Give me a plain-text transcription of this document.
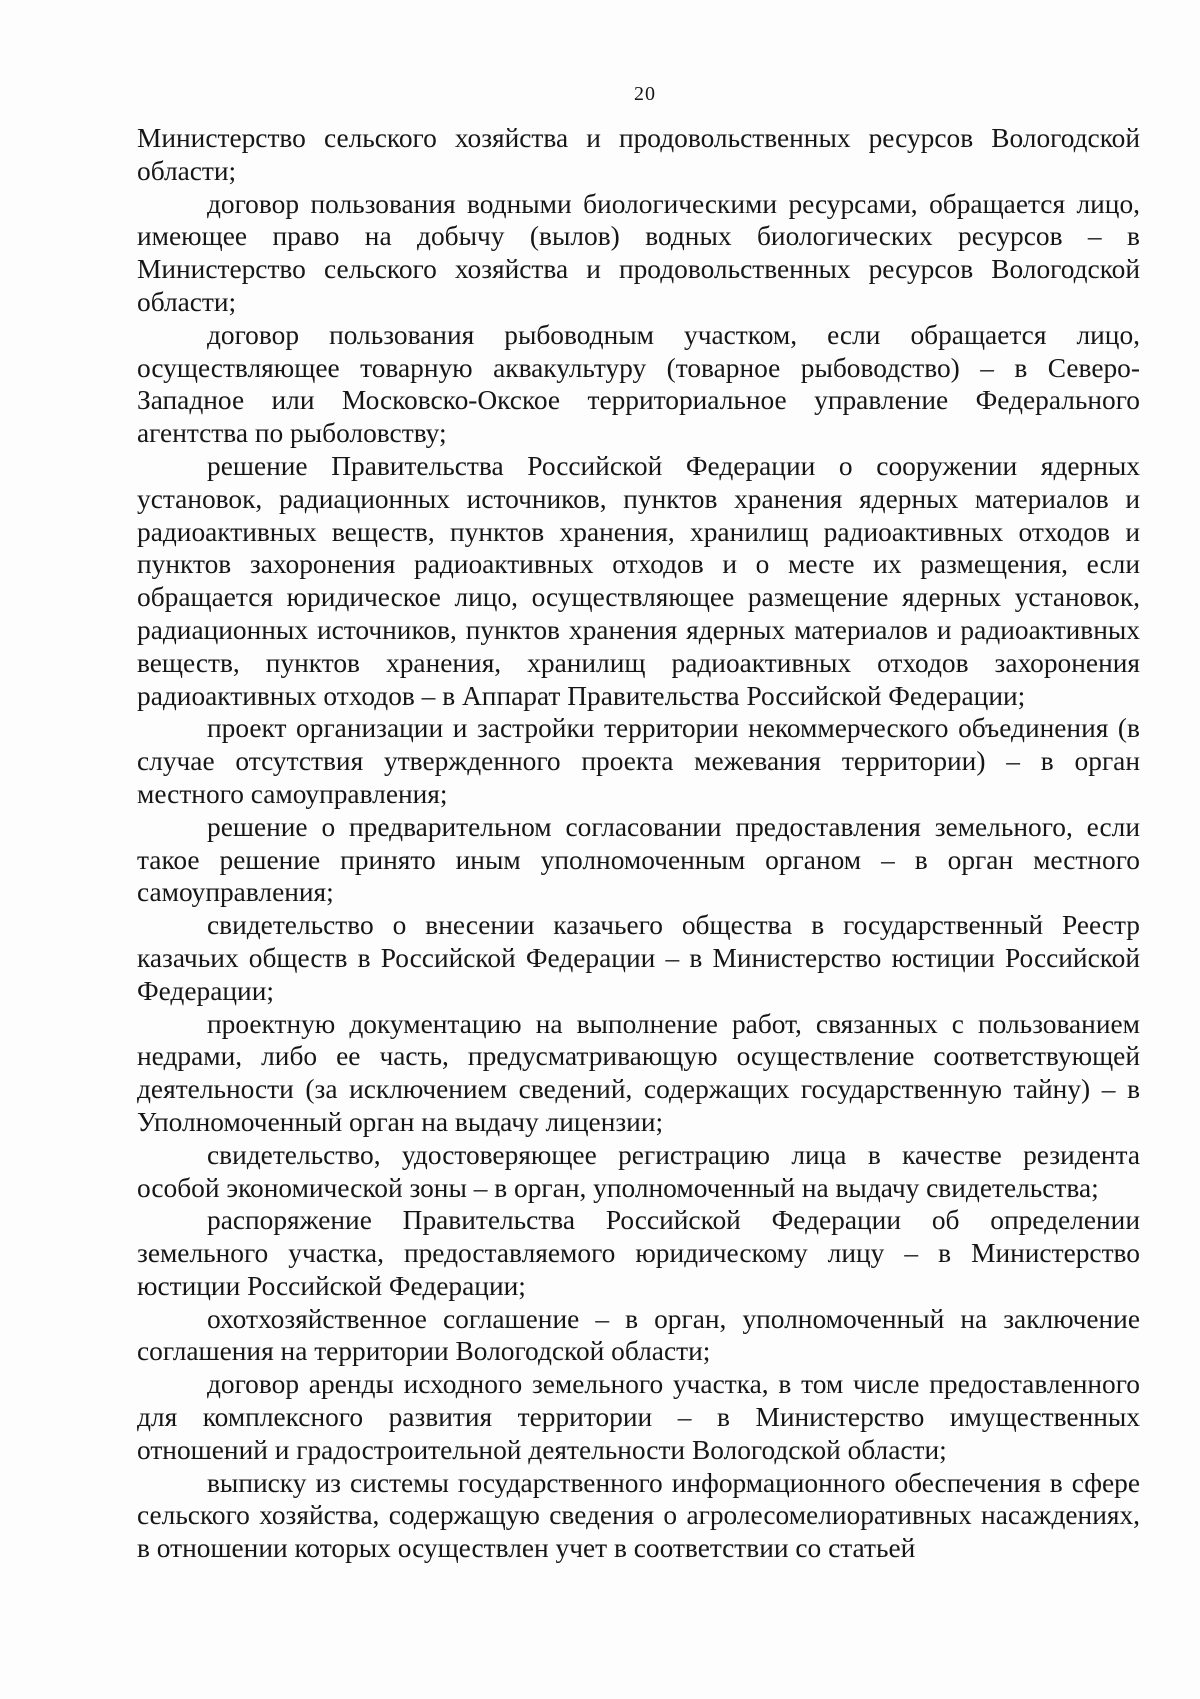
20

Министерство сельского хозяйства и продовольственных ресурсов Вологодской области;

договор пользования водными биологическими ресурсами, обращается лицо, имеющее право на добычу (вылов) водных биологических ресурсов – в Министерство сельского хозяйства и продовольственных ресурсов Вологодской области;

договор пользования рыбоводным участком, если обращается лицо, осуществляющее товарную аквакультуру (товарное рыбоводство) – в Северо-Западное или Московско-Окское территориальное управление Федерального агентства по рыболовству;

решение Правительства Российской Федерации о сооружении ядерных установок, радиационных источников, пунктов хранения ядерных материалов и радиоактивных веществ, пунктов хранения, хранилищ радиоактивных отходов и пунктов захоронения радиоактивных отходов и о месте их размещения, если обращается юридическое лицо, осуществляющее размещение ядерных установок, радиационных источников, пунктов хранения ядерных материалов и радиоактивных веществ, пунктов хранения, хранилищ радиоактивных отходов захоронения радиоактивных отходов – в Аппарат Правительства Российской Федерации;

проект организации и застройки территории некоммерческого объединения (в случае отсутствия утвержденного проекта межевания территории) – в орган местного самоуправления;

решение о предварительном согласовании предоставления земельного, если такое решение принято иным уполномоченным органом – в орган местного самоуправления;

свидетельство о внесении казачьего общества в государственный Реестр казачьих обществ в Российской Федерации – в Министерство юстиции Российской Федерации;

проектную документацию на выполнение работ, связанных с пользованием недрами, либо ее часть, предусматривающую осуществление соответствующей деятельности (за исключением сведений, содержащих государственную тайну) – в Уполномоченный орган на выдачу лицензии;

свидетельство, удостоверяющее регистрацию лица в качестве резидента особой экономической зоны – в орган, уполномоченный на выдачу свидетельства;

распоряжение Правительства Российской Федерации об определении земельного участка, предоставляемого юридическому лицу – в Министерство юстиции Российской Федерации;

охотхозяйственное соглашение – в орган, уполномоченный на заключение соглашения на территории Вологодской области;

договор аренды исходного земельного участка, в том числе предоставленного для комплексного развития территории – в Министерство имущественных отношений и градостроительной деятельности Вологодской области;

выписку из системы государственного информационного обеспечения в сфере сельского хозяйства, содержащую сведения о агролесомелиоративных насаждениях, в отношении которых осуществлен учет в соответствии со статьей
